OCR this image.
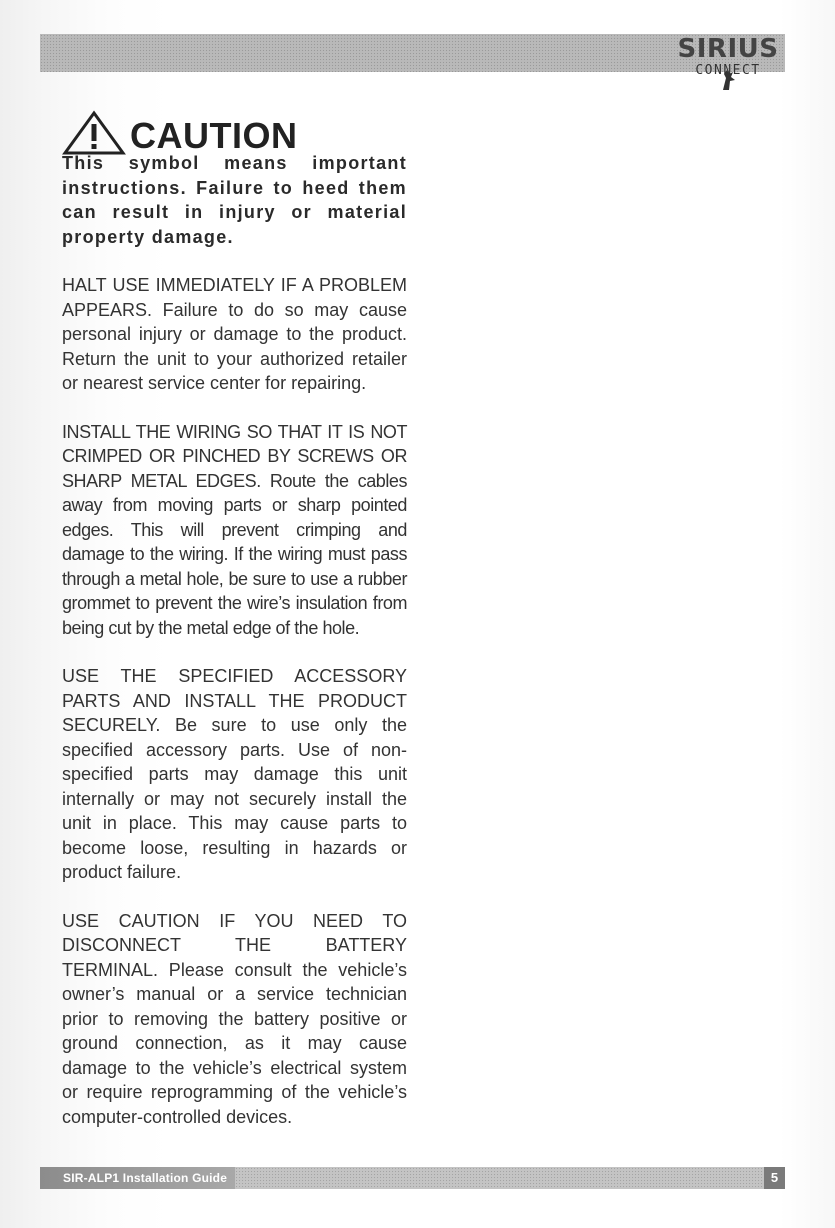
SIRIUS
CONNECT
CAUTION

This symbol means important instructions. Failure to heed them can result in injury or material property damage.

HALT USE IMMEDIATELY IF A PROBLEM APPEARS. Failure to do so may cause personal injury or damage to the product. Return the unit to your authorized retailer or nearest service center for repairing.

INSTALL THE WIRING SO THAT IT IS NOT CRIMPED OR PINCHED BY SCREWS OR SHARP METAL EDGES. Route the cables away from moving parts or sharp pointed edges. This will prevent crimping and damage to the wiring. If the wiring must pass through a metal hole, be sure to use a rubber grommet to prevent the wire’s insulation from being cut by the metal edge of the hole.

USE THE SPECIFIED ACCESSORY PARTS AND INSTALL THE PRODUCT SECURELY. Be sure to use only the specified accessory parts. Use of non-specified parts may damage this unit internally or may not securely install the unit in place. This may cause parts to become loose, resulting in hazards or product failure.

USE CAUTION IF YOU NEED TO DISCONNECT THE BATTERY TERMINAL. Please consult the vehicle’s owner’s manual or a service technician prior to removing the battery positive or ground connection, as it may cause damage to the vehicle’s electrical system or require reprogramming of the vehicle’s computer-controlled devices.

SIR-ALP1 Installation Guide	5
